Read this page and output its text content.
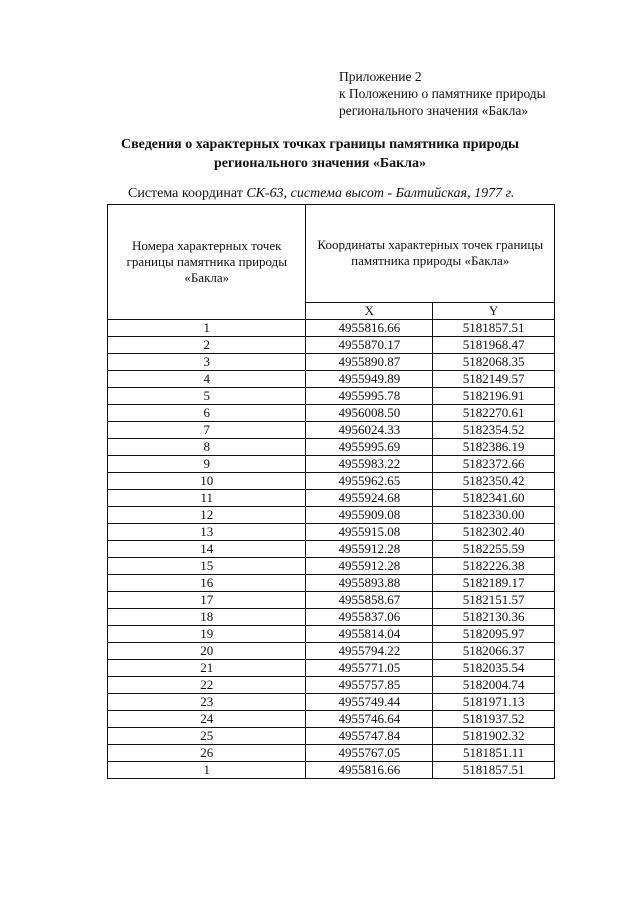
Приложение 2
к Положению о памятнике природы
регионального значения «Бакла»
Сведения о характерных точках границы памятника природы
регионального значения «Бакла»
Система координат СК-63, система высот - Балтийская, 1977 г.
Номера характерных точек границы памятника природы «Бакла»	Координаты характерных точек границы памятника природы «Бакла»	
	X	Y
1	4955816.66	5181857.51
2	4955870.17	5181968.47
3	4955890.87	5182068.35
4	4955949.89	5182149.57
5	4955995.78	5182196.91
6	4956008.50	5182270.61
7	4956024.33	5182354.52
8	4955995.69	5182386.19
9	4955983.22	5182372.66
10	4955962.65	5182350.42
11	4955924.68	5182341.60
12	4955909.08	5182330.00
13	4955915.08	5182302.40
14	4955912.28	5182255.59
15	4955912.28	5182226.38
16	4955893.88	5182189.17
17	4955858.67	5182151.57
18	4955837.06	5182130.36
19	4955814.04	5182095.97
20	4955794.22	5182066.37
21	4955771.05	5182035.54
22	4955757.85	5182004.74
23	4955749.44	5181971.13
24	4955746.64	5181937.52
25	4955747.84	5181902.32
26	4955767.05	5181851.11
1	4955816.66	5181857.51
